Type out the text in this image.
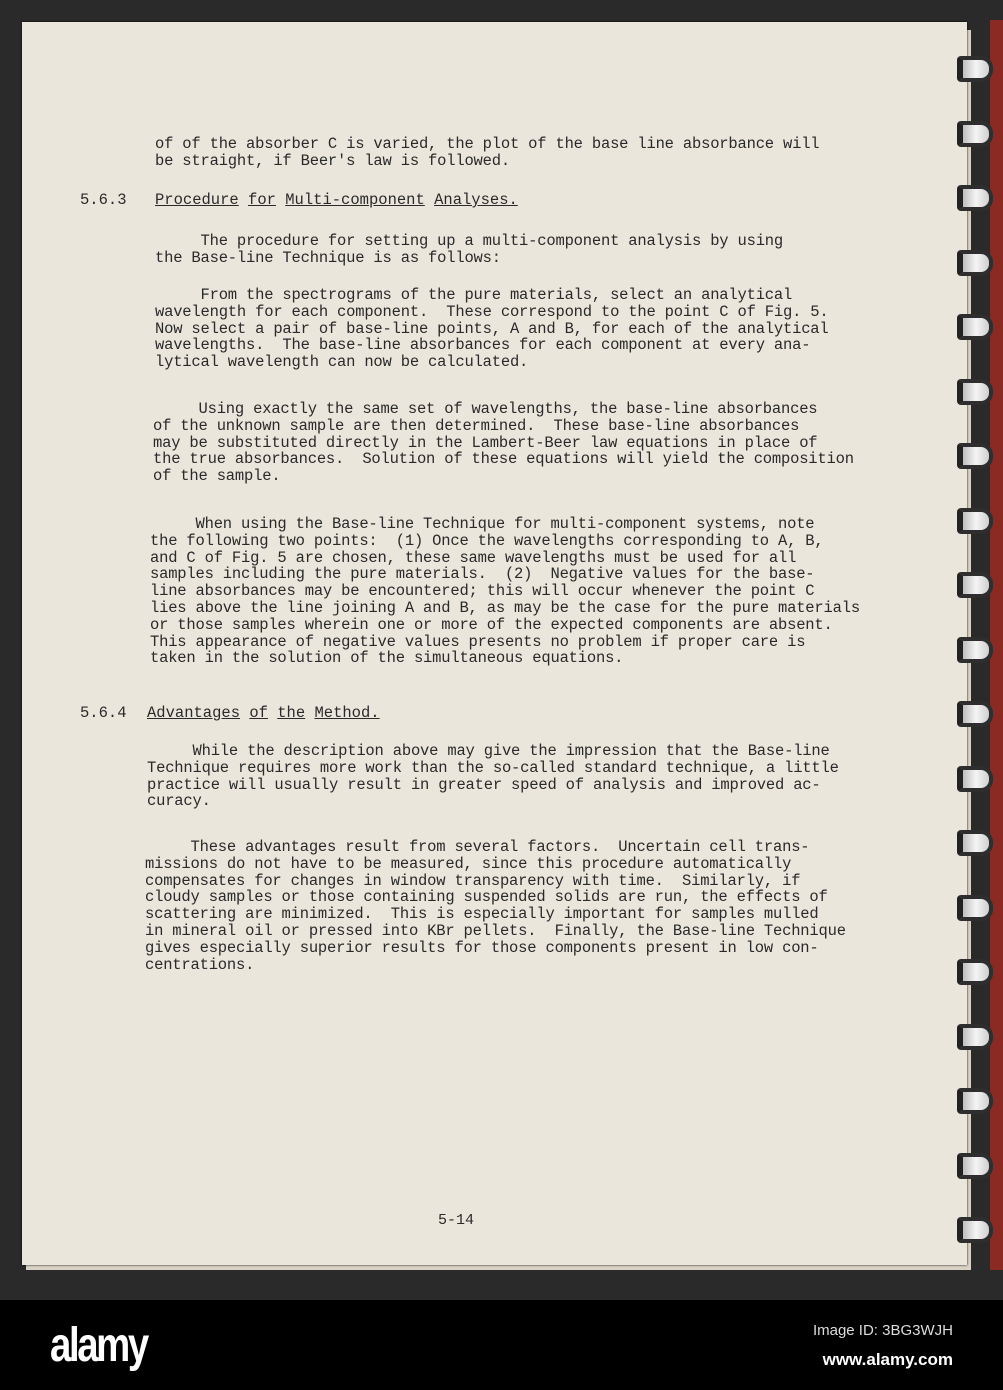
of of the absorber C is varied, the plot of the base line absorbance will
be straight, if Beer's law is followed.
5.6.3 Procedure for Multi-component Analyses.
The procedure for setting up a multi-component analysis by using
the Base-line Technique is as follows:
From the spectrograms of the pure materials, select an analytical
wavelength for each component.  These correspond to the point C of Fig. 5.
Now select a pair of base-line points, A and B, for each of the analytical
wavelengths.  The base-line absorbances for each component at every ana-
lytical wavelength can now be calculated.
Using exactly the same set of wavelengths, the base-line absorbances
of the unknown sample are then determined.  These base-line absorbances
may be substituted directly in the Lambert-Beer law equations in place of
the true absorbances.  Solution of these equations will yield the composition
of the sample.
When using the Base-line Technique for multi-component systems, note
the following two points:  (1) Once the wavelengths corresponding to A, B,
and C of Fig. 5 are chosen, these same wavelengths must be used for all
samples including the pure materials.  (2)  Negative values for the base-
line absorbances may be encountered; this will occur whenever the point C
lies above the line joining A and B, as may be the case for the pure materials
or those samples wherein one or more of the expected components are absent.
This appearance of negative values presents no problem if proper care is
taken in the solution of the simultaneous equations.
5.6.4 Advantages of the Method.
While the description above may give the impression that the Base-line
Technique requires more work than the so-called standard technique, a little
practice will usually result in greater speed of analysis and improved ac-
curacy.
These advantages result from several factors.  Uncertain cell trans-
missions do not have to be measured, since this procedure automatically
compensates for changes in window transparency with time.  Similarly, if
cloudy samples or those containing suspended solids are run, the effects of
scattering are minimized.  This is especially important for samples mulled
in mineral oil or pressed into KBr pellets.  Finally, the Base-line Technique
gives especially superior results for those components present in low con-
centrations.
5-14
alamy	Image ID: 3BG3WJH
www.alamy.com
